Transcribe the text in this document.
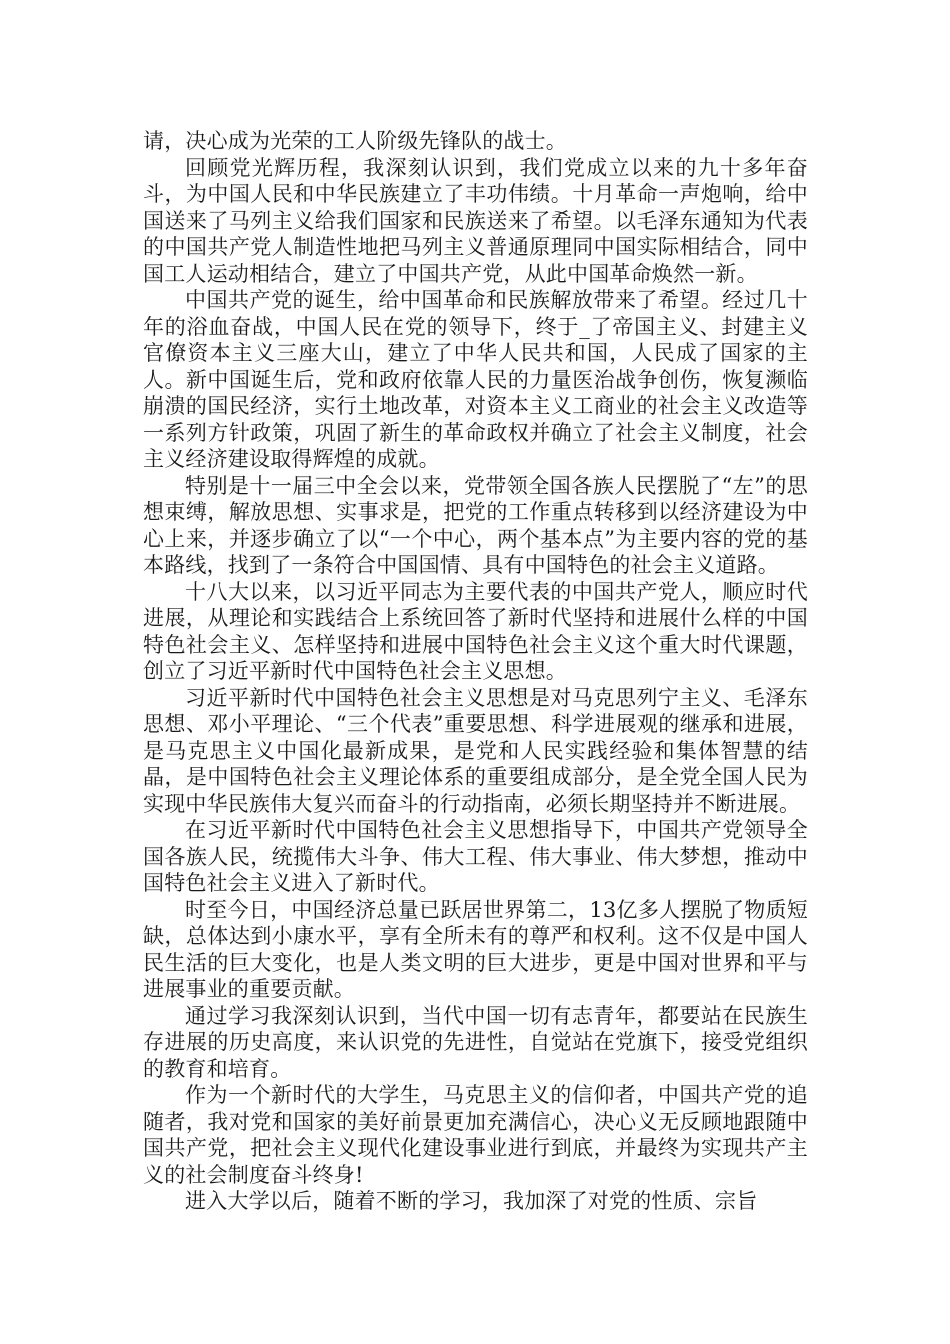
请，决心成为光荣的工人阶级先锋队的战士。

回顾党光辉历程，我深刻认识到，我们党成立以来的九十多年奋斗，为中国人民和中华民族建立了丰功伟绩。十月革命一声炮响，给中国送来了马列主义给我们国家和民族送来了希望。以毛泽东通知为代表的中国共产党人制造性地把马列主义普通原理同中国实际相结合，同中国工人运动相结合，建立了中国共产党，从此中国革命焕然一新。

中国共产党的诞生，给中国革命和民族解放带来了希望。经过几十年的浴血奋战，中国人民在党的领导下，终于_了帝国主义、封建主义官僚资本主义三座大山，建立了中华人民共和国，人民成了国家的主人。新中国诞生后，党和政府依靠人民的力量医治战争创伤，恢复濒临崩溃的国民经济，实行土地改革，对资本主义工商业的社会主义改造等一系列方针政策，巩固了新生的革命政权并确立了社会主义制度，社会主义经济建设取得辉煌的成就。

特别是十一届三中全会以来，党带领全国各族人民摆脱了“左”的思想束缚，解放思想、实事求是，把党的工作重点转移到以经济建设为中心上来，并逐步确立了以“一个中心，两个基本点”为主要内容的党的基本路线，找到了一条符合中国国情、具有中国特色的社会主义道路。

十八大以来，以习近平同志为主要代表的中国共产党人，顺应时代进展，从理论和实践结合上系统回答了新时代坚持和进展什么样的中国特色社会主义、怎样坚持和进展中国特色社会主义这个重大时代课题，创立了习近平新时代中国特色社会主义思想。

习近平新时代中国特色社会主义思想是对马克思列宁主义、毛泽东思想、邓小平理论、“三个代表”重要思想、科学进展观的继承和进展，是马克思主义中国化最新成果，是党和人民实践经验和集体智慧的结晶，是中国特色社会主义理论体系的重要组成部分，是全党全国人民为实现中华民族伟大复兴而奋斗的行动指南，必须长期坚持并不断进展。

在习近平新时代中国特色社会主义思想指导下，中国共产党领导全国各族人民，统揽伟大斗争、伟大工程、伟大事业、伟大梦想，推动中国特色社会主义进入了新时代。

时至今日，中国经济总量已跃居世界第二，13亿多人摆脱了物质短缺，总体达到小康水平，享有全所未有的尊严和权利。这不仅是中国人民生活的巨大变化，也是人类文明的巨大进步，更是中国对世界和平与进展事业的重要贡献。

通过学习我深刻认识到，当代中国一切有志青年，都要站在民族生存进展的历史高度，来认识党的先进性，自觉站在党旗下，接受党组织的教育和培育。

作为一个新时代的大学生，马克思主义的信仰者，中国共产党的追随者，我对党和国家的美好前景更加充满信心，决心义无反顾地跟随中国共产党，把社会主义现代化建设事业进行到底，并最终为实现共产主义的社会制度奋斗终身!

进入大学以后，随着不断的学习，我加深了对党的性质、宗旨
